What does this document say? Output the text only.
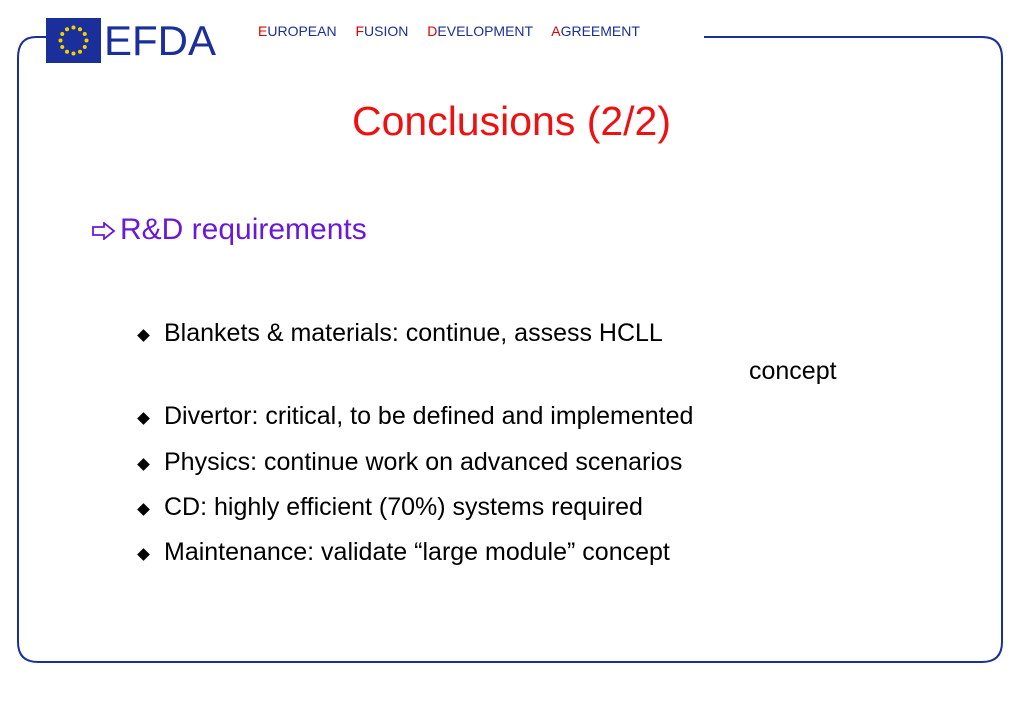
EFDA	EUROPEAN FUSION DEVELOPMENT AGREEMENT
Conclusions (2/2)
R&D requirements
Blankets & materials: continue, assess HCLL
concept
Divertor: critical, to be defined and implemented
Physics: continue work on advanced scenarios
CD: highly efficient (70%) systems required
Maintenance: validate “large module” concept
